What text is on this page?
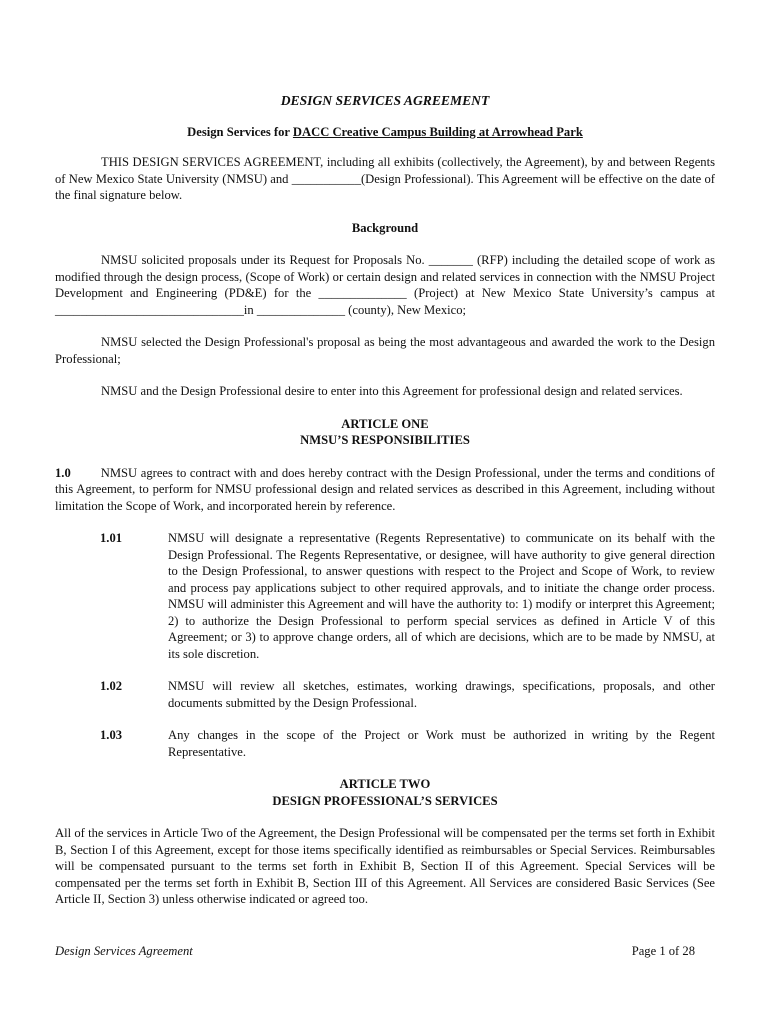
DESIGN SERVICES AGREEMENT
Design Services for DACC Creative Campus Building at Arrowhead Park

THIS DESIGN SERVICES AGREEMENT, including all exhibits (collectively, the Agreement), by and between Regents of New Mexico State University (NMSU) and ___________(Design Professional). This Agreement will be effective on the date of the final signature below.

Background

NMSU solicited proposals under its Request for Proposals No. _______ (RFP) including the detailed scope of work as modified through the design process, (Scope of Work) or certain design and related services in connection with the NMSU Project Development and Engineering (PD&E) for the ______________ (Project) at New Mexico State University’s campus at ______________________________in ______________ (county), New Mexico;

NMSU selected the Design Professional's proposal as being the most advantageous and awarded the work to the Design Professional;

NMSU and the Design Professional desire to enter into this Agreement for professional design and related services.

ARTICLE ONE
NMSU’S RESPONSIBILITIES

1.0 NMSU agrees to contract with and does hereby contract with the Design Professional, under the terms and conditions of this Agreement, to perform for NMSU professional design and related services as described in this Agreement, including without limitation the Scope of Work, and incorporated herein by reference.

1.01	NMSU will designate a representative (Regents Representative) to communicate on its behalf with the Design Professional. The Regents Representative, or designee, will have authority to give general direction to the Design Professional, to answer questions with respect to the Project and Scope of Work, to review and process pay applications subject to other required approvals, and to initiate the change order process. NMSU will administer this Agreement and will have the authority to: 1) modify or interpret this Agreement; 2) to authorize the Design Professional to perform special services as defined in Article V of this Agreement; or 3) to approve change orders, all of which are decisions, which are to be made by NMSU, at its sole discretion.
1.02	NMSU will review all sketches, estimates, working drawings, specifications, proposals, and other documents submitted by the Design Professional.
1.03	Any changes in the scope of the Project or Work must be authorized in writing by the Regent Representative.
ARTICLE TWO
DESIGN PROFESSIONAL’S SERVICES

All of the services in Article Two of the Agreement, the Design Professional will be compensated per the terms set forth in Exhibit B, Section I of this Agreement, except for those items specifically identified as reimbursables or Special Services. Reimbursables will be compensated pursuant to the terms set forth in Exhibit B, Section II of this Agreement. Special Services will be compensated per the terms set forth in Exhibit B, Section III of this Agreement. All Services are considered Basic Services (See Article II, Section 3) unless otherwise indicated or agreed too.

Design Services Agreement	Page 1 of 28
